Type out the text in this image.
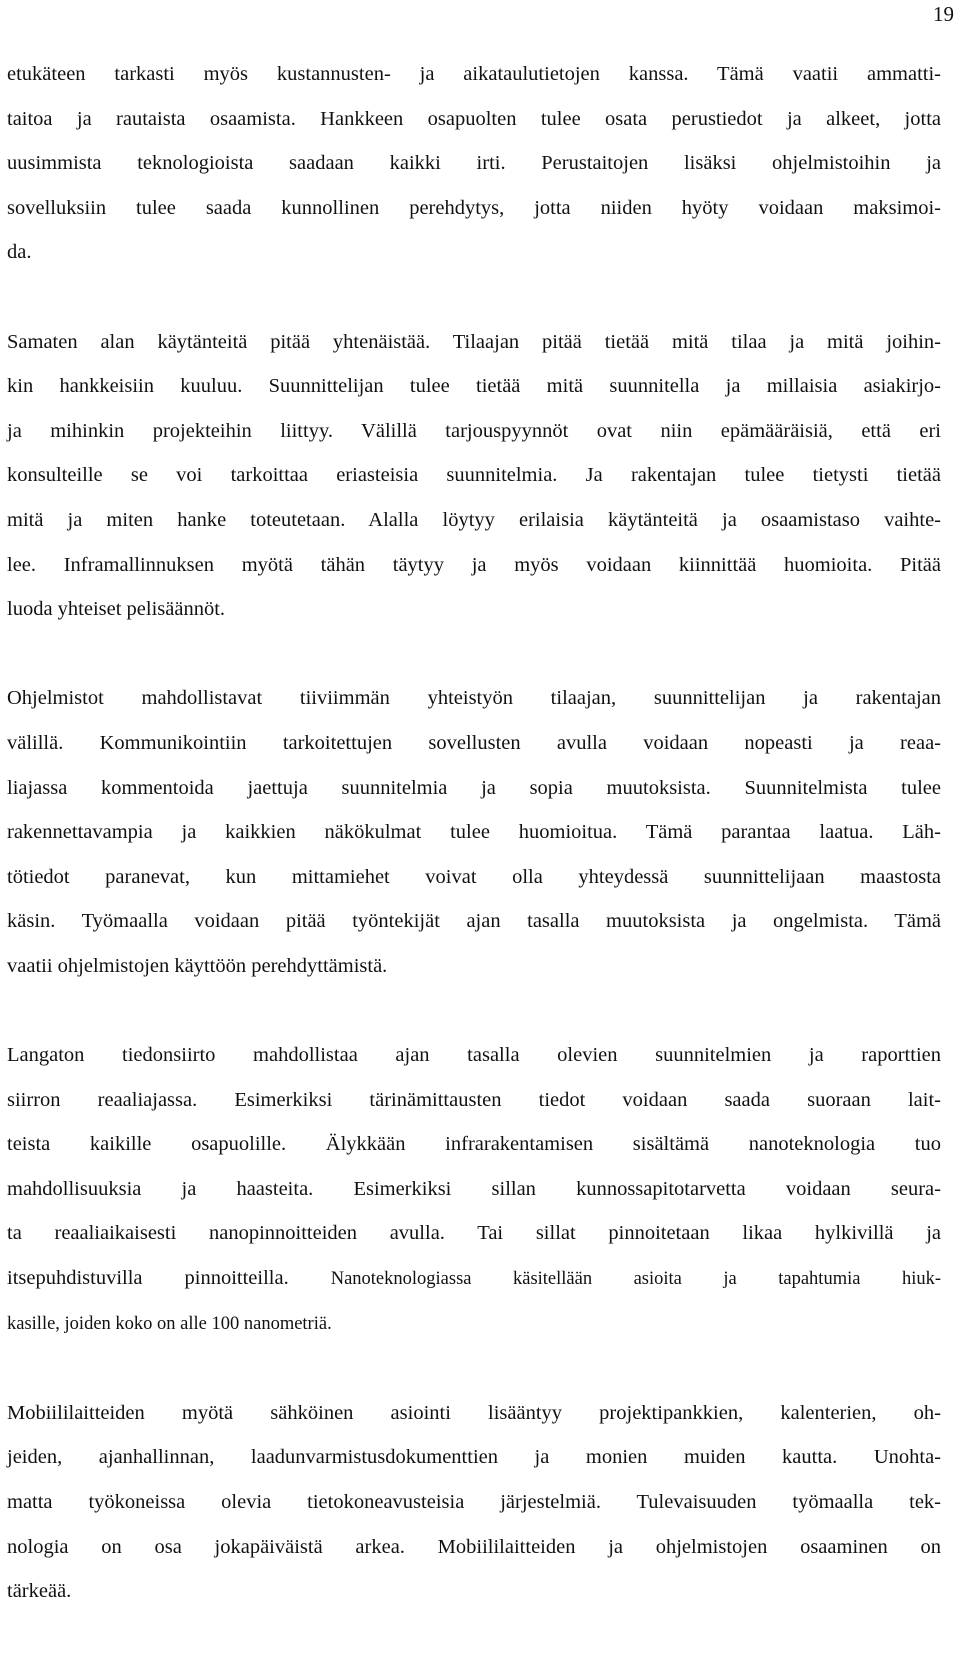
19
etukäteen tarkasti myös kustannusten- ja aikataulutietojen kanssa. Tämä vaatii ammatti-
taitoa ja rautaista osaamista. Hankkeen osapuolten tulee osata perustiedot ja alkeet, jotta
uusimmista teknologioista saadaan kaikki irti. Perustaitojen lisäksi ohjelmistoihin ja
sovelluksiin tulee saada kunnollinen perehdytys, jotta niiden hyöty voidaan maksimoi-
da.
Samaten alan käytänteitä pitää yhtenäistää. Tilaajan pitää tietää mitä tilaa ja mitä joihin-
kin hankkeisiin kuuluu. Suunnittelijan tulee tietää mitä suunnitella ja millaisia asiakirjo-
ja mihinkin projekteihin liittyy. Välillä tarjouspyynnöt ovat niin epämääräisiä, että eri
konsulteille se voi tarkoittaa eriasteisia suunnitelmia. Ja rakentajan tulee tietysti tietää
mitä ja miten hanke toteutetaan. Alalla löytyy erilaisia käytänteitä ja osaamistaso vaihte-
lee. Inframallinnuksen myötä tähän täytyy ja myös voidaan kiinnittää huomioita. Pitää
luoda yhteiset pelisäännöt.
Ohjelmistot mahdollistavat tiiviimmän yhteistyön tilaajan, suunnittelijan ja rakentajan
välillä. Kommunikointiin tarkoitettujen sovellusten avulla voidaan nopeasti ja reaa-
liajassa kommentoida jaettuja suunnitelmia ja sopia muutoksista. Suunnitelmista tulee
rakennettavampia ja kaikkien näkökulmat tulee huomioitua. Tämä parantaa laatua. Läh-
tötiedot paranevat, kun mittamiehet voivat olla yhteydessä suunnittelijaan maastosta
käsin. Työmaalla voidaan pitää työntekijät ajan tasalla muutoksista ja ongelmista. Tämä
vaatii ohjelmistojen käyttöön perehdyttämistä.
Langaton tiedonsiirto mahdollistaa ajan tasalla olevien suunnitelmien ja raporttien
siirron reaaliajassa. Esimerkiksi tärinämittausten tiedot voidaan saada suoraan lait-
teista kaikille osapuolille. Älykkään infrarakentamisen sisältämä nanoteknologia tuo
mahdollisuuksia ja haasteita. Esimerkiksi sillan kunnossapitotarvetta voidaan seura-
ta reaaliaikaisesti nanopinnoitteiden avulla. Tai sillat pinnoitetaan likaa hylkivillä ja
itsepuhdistuvilla pinnoitteilla. Nanoteknologiassa käsitellään asioita ja tapahtumia hiuk-
kasille, joiden koko on alle 100 nanometriä.
Mobiililaitteiden myötä sähköinen asiointi lisääntyy projektipankkien, kalenterien, oh-
jeiden, ajanhallinnan, laadunvarmistusdokumenttien ja monien muiden kautta. Unohta-
matta työkoneissa olevia tietokoneavusteisia järjestelmiä. Tulevaisuuden työmaalla tek-
nologia on osa jokapäiväistä arkea. Mobiililaitteiden ja ohjelmistojen osaaminen on
tärkeää.
